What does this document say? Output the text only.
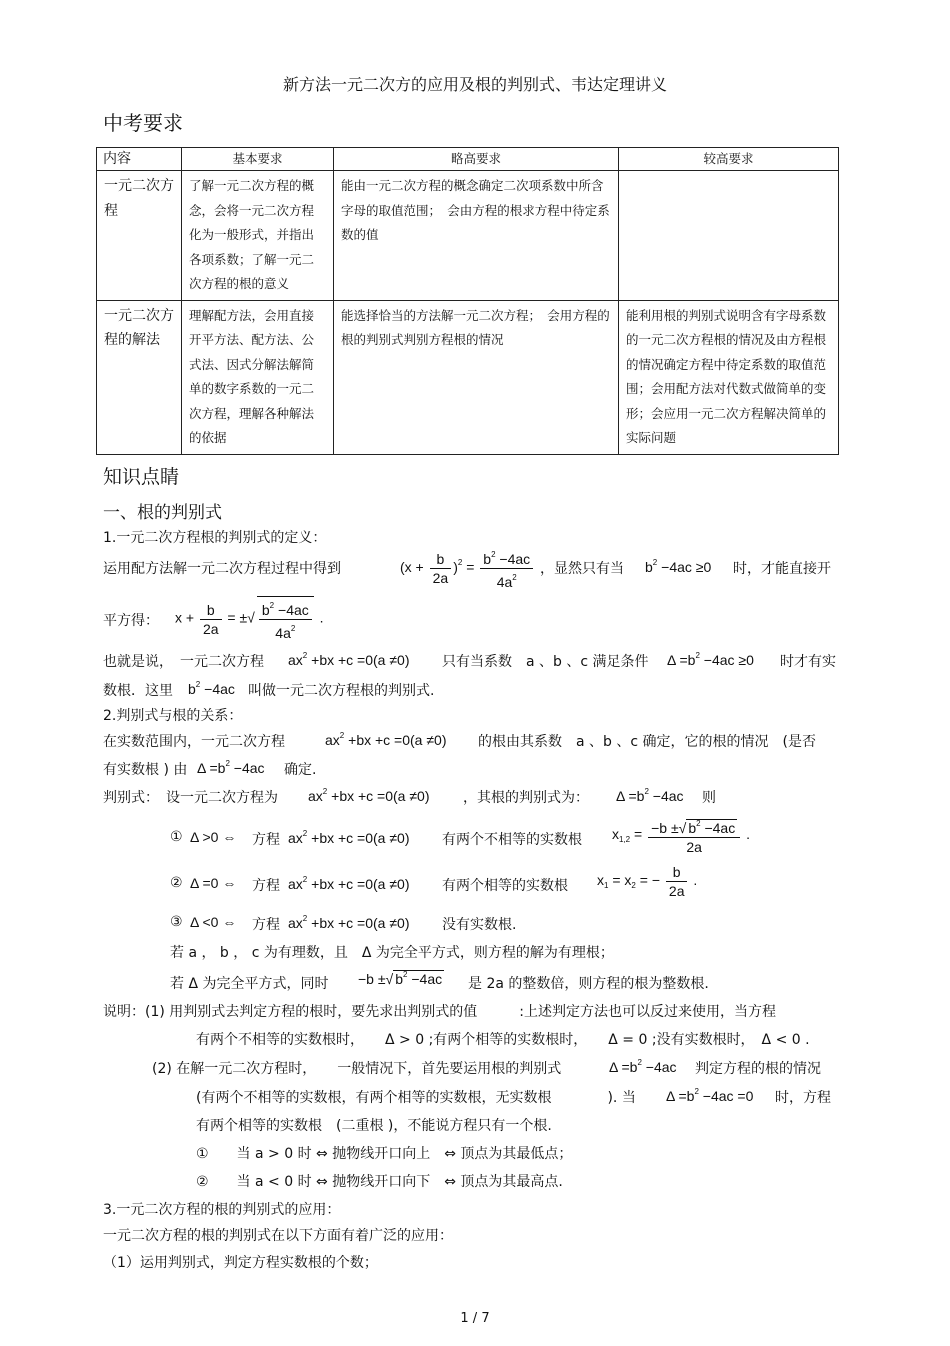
新方法一元二次方的应用及根的判别式、韦达定理讲义
中考要求
内容	基本要求	略高要求	较高要求
一元二次方程	了解一元二次方程的概念，会将一元二次方程化为一般形式，并指出各项系数；了解一元二次方程的根的意义	能由一元二次方程的概念确定二次项系数中所含字母的取值范围；　会由方程的根求方程中待定系数的值	
一元二次方程的解法	理解配方法，会用直接开平方法、配方法、公式法、因式分解法解简单的数字系数的一元二次方程，理解各种解法的依据	能选择恰当的方法解一元二次方程；　会用方程的根的判别式判别方程根的情况	能利用根的判别式说明含有字母系数的一元二次方程根的情况及由方程根的情况确定方程中待定系数的取值范围；会用配方法对代数式做简单的变形；会应用一元二次方程解决简单的实际问题
知识点睛
一、根的判别式
1.一元二次方程根的判别式的定义：
运用配方法解一元二次方程过程中得到	$(x + \frac{b}{2a} )^2 = \frac{b^2 -4ac}{4a^2}$ ，显然只有当 $b^2 -4ac \ge 0$ 时，才能直接开
平方得： $x + \frac{b}{2a}$ = ±√ $\frac{b^2 -4ac}{4a^2}$ .
也就是说，　一元二次方程 $ax^2 +bx +c =0(a \ne 0)$ 只有当系数　a 、b 、c 满足条件 $\Delta =b^2 -4ac \ge 0$ 时才有实
数根．这里 $b^2 -4ac$ 叫做一元二次方程根的判别式.
2.判别式与根的关系：
在实数范围内，一元二次方程	$ax^2 +bx +c =0(a \ne 0)$ 的根由其系数　a 、b 、c 确定，它的根的情况　(是否
有实数根 ) 由 $\Delta =b^2 -4ac$ 确定.
判别式：　设一元二次方程为 $ax^2 +bx +c =0(a \ne 0)$ ，其根的判别式为： $\Delta =b^2 -4ac$ 则
① Δ >0 ⇔ 方程 $ax^2 +bx +c =0(a \ne 0)$ 有两个不相等的实数根 $x_{1,2} = \frac{-b \pm√ b^2 -4ac}{2a}$ .
② Δ =0 ⇔ 方程 $ax^2 +bx +c =0(a \ne 0)$ 有两个相等的实数根 $x_1 = x_2$ = − $\frac{b}{2a}$ .
③ Δ <0 ⇔ 方程 $ax^2 +bx +c =0(a \ne 0)$ 没有实数根.
若 a ， b ， c 为有理数，且　Δ 为完全平方式，则方程的解为有理根；
若 Δ 为完全平方式，同时 −b ±√ $b^2 -4ac$ 是 2a 的整数倍，则方程的根为整数根.
说明：(1) 用判别式去判定方程的根时，要先求出判别式的值　　　:上述判定方法也可以反过来使用，当方程
有两个不相等的实数根时，　　Δ > 0 ;有两个相等的实数根时，　　Δ = 0 ;没有实数根时，　Δ < 0 .
(2) 在解一元二次方程时，　　一般情况下，首先要运用根的判别式	$\Delta =b^2 -4ac$ 判定方程的根的情况
(有两个不相等的实数根，有两个相等的实数根，无实数根　　　　). 当 $\Delta =b^2 -4ac =0$ 时，方程
有两个相等的实数根　(二重根 )，不能说方程只有一个根.
①　　当 a > 0 时 ⇔ 抛物线开口向上　⇔ 顶点为其最低点；
②　　当 a < 0 时 ⇔ 抛物线开口向下　⇔ 顶点为其最高点.
3.一元二次方程的根的判别式的应用：
一元二次方程的根的判别式在以下方面有着广泛的应用：
（1）运用判别式，判定方程实数根的个数；
1 / 7
